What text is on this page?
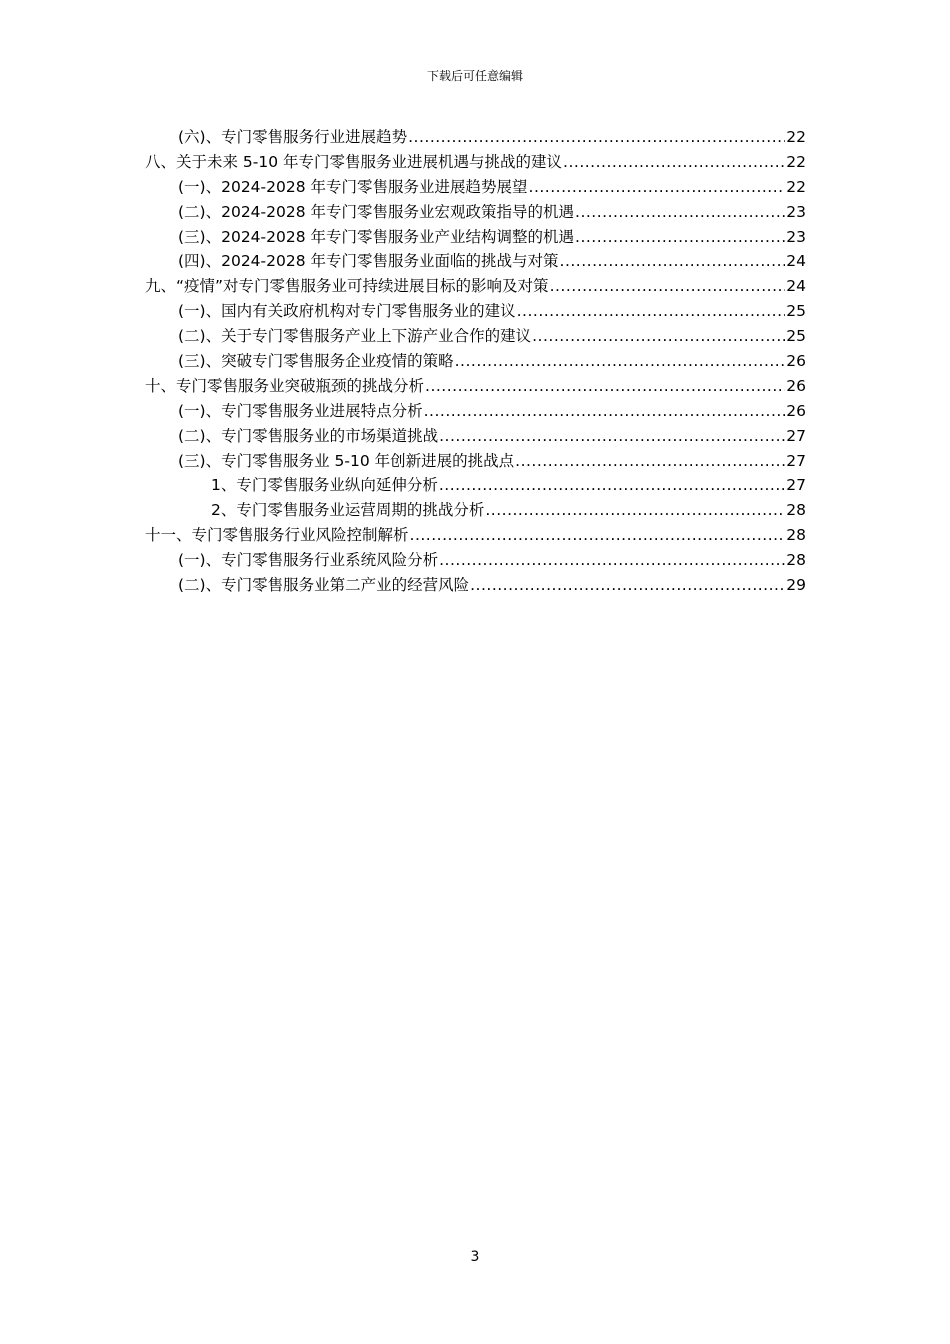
下载后可任意编辑
(六)、专门零售服务行业进展趋势 .....	22
八、关于未来 5-10 年专门零售服务业进展机遇与挑战的建议 .....	22
(一)、2024-2028 年专门零售服务业进展趋势展望 .....	22
(二)、2024-2028 年专门零售服务业宏观政策指导的机遇 .....	23
(三)、2024-2028 年专门零售服务业产业结构调整的机遇 .....	23
(四)、2024-2028 年专门零售服务业面临的挑战与对策 .....	24
九、“疫情”对专门零售服务业可持续进展目标的影响及对策 .....	24
(一)、国内有关政府机构对专门零售服务业的建议 .....	25
(二)、关于专门零售服务产业上下游产业合作的建议 .....	25
(三)、突破专门零售服务企业疫情的策略 .....	26
十、专门零售服务业突破瓶颈的挑战分析 .....	26
(一)、专门零售服务业进展特点分析 .....	26
(二)、专门零售服务业的市场渠道挑战 .....	27
(三)、专门零售服务业 5-10 年创新进展的挑战点 .....	27
1、专门零售服务业纵向延伸分析 .....	27
2、专门零售服务业运营周期的挑战分析 .....	28
十一、专门零售服务行业风险控制解析 .....	28
(一)、专门零售服务行业系统风险分析 .....	28
(二)、专门零售服务业第二产业的经营风险 .....	29
3
